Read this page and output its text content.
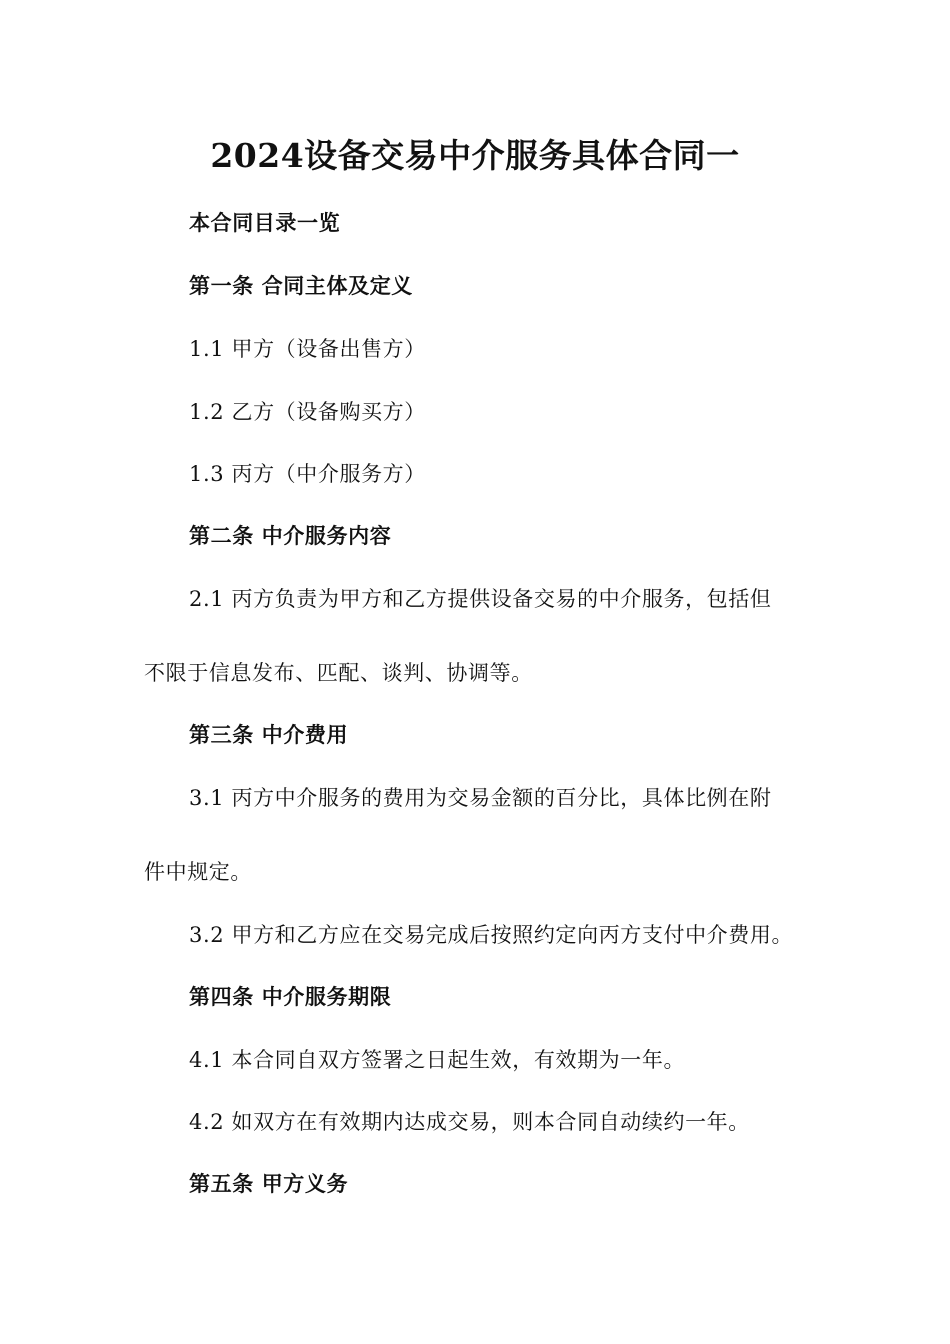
2024设备交易中介服务具体合同一
本合同目录一览
第一条 合同主体及定义
1.1 甲方（设备出售方）
1.2 乙方（设备购买方）
1.3 丙方（中介服务方）
第二条 中介服务内容
2.1 丙方负责为甲方和乙方提供设备交易的中介服务，包括但
不限于信息发布、匹配、谈判、协调等。
第三条 中介费用
3.1 丙方中介服务的费用为交易金额的百分比，具体比例在附
件中规定。
3.2 甲方和乙方应在交易完成后按照约定向丙方支付中介费用。
第四条 中介服务期限
4.1 本合同自双方签署之日起生效，有效期为一年。
4.2 如双方在有效期内达成交易，则本合同自动续约一年。
第五条 甲方义务
